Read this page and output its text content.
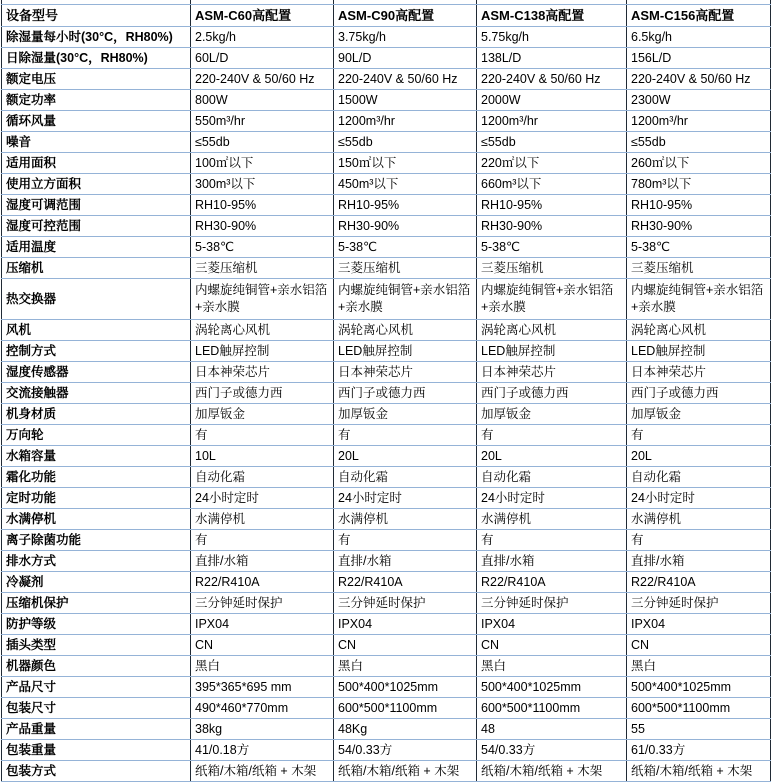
设备型号	ASM-C60高配置	ASM-C90高配置	ASM-C138高配置	ASM-C156高配置
除湿量每小时(30°C，RH80%)	2.5kg/h	3.75kg/h	5.75kg/h	6.5kg/h
日除湿量(30°C，RH80%)	60L/D	90L/D	138L/D	156L/D
额定电压	220-240V & 50/60 Hz	220-240V & 50/60 Hz	220-240V & 50/60 Hz	220-240V & 50/60 Hz
额定功率	800W	1500W	2000W	2300W
循环风量	550m³/hr	1200m³/hr	1200m³/hr	1200m³/hr
噪音	≤55db	≤55db	≤55db	≤55db
适用面积	100㎡以下	150㎡以下	220㎡以下	260㎡以下
使用立方面积	300m³以下	450m³以下	660m³以下	780m³以下
湿度可调范围	RH10-95%	RH10-95%	RH10-95%	RH10-95%
湿度可控范围	RH30-90%	RH30-90%	RH30-90%	RH30-90%
适用温度	5-38℃	5-38℃	5-38℃	5-38℃
压缩机	三菱压缩机	三菱压缩机	三菱压缩机	三菱压缩机
热交换器	内螺旋纯铜管+亲水铝箔+亲水膜	内螺旋纯铜管+亲水铝箔+亲水膜	内螺旋纯铜管+亲水铝箔+亲水膜	内螺旋纯铜管+亲水铝箔+亲水膜
风机	涡轮离心风机	涡轮离心风机	涡轮离心风机	涡轮离心风机
控制方式	LED触屏控制	LED触屏控制	LED触屏控制	LED触屏控制
湿度传感器	日本神荣芯片	日本神荣芯片	日本神荣芯片	日本神荣芯片
交流接触器	西门子或德力西	西门子或德力西	西门子或德力西	西门子或德力西
机身材质	加厚钣金	加厚钣金	加厚钣金	加厚钣金
万向轮	有	有	有	有
水箱容量	10L	20L	20L	20L
霜化功能	自动化霜	自动化霜	自动化霜	自动化霜
定时功能	24小时定时	24小时定时	24小时定时	24小时定时
水满停机	水满停机	水满停机	水满停机	水满停机
离子除菌功能	有	有	有	有
排水方式	直排/水箱	直排/水箱	直排/水箱	直排/水箱
冷凝剂	R22/R410A	R22/R410A	R22/R410A	R22/R410A
压缩机保护	三分钟延时保护	三分钟延时保护	三分钟延时保护	三分钟延时保护
防护等级	IPX04	IPX04	IPX04	IPX04
插头类型	CN	CN	CN	CN
机器颜色	黑白	黑白	黑白	黑白
产品尺寸	395*365*695 mm	500*400*1025mm	500*400*1025mm	500*400*1025mm
包装尺寸	490*460*770mm	600*500*1100mm	600*500*1100mm	600*500*1100mm
产品重量	38kg	48Kg	48	55
包装重量	41/0.18方	54/0.33方	54/0.33方	61/0.33方
包装方式	纸箱/木箱/纸箱 + 木架	纸箱/木箱/纸箱 + 木架	纸箱/木箱/纸箱 + 木架	纸箱/木箱/纸箱 + 木架
